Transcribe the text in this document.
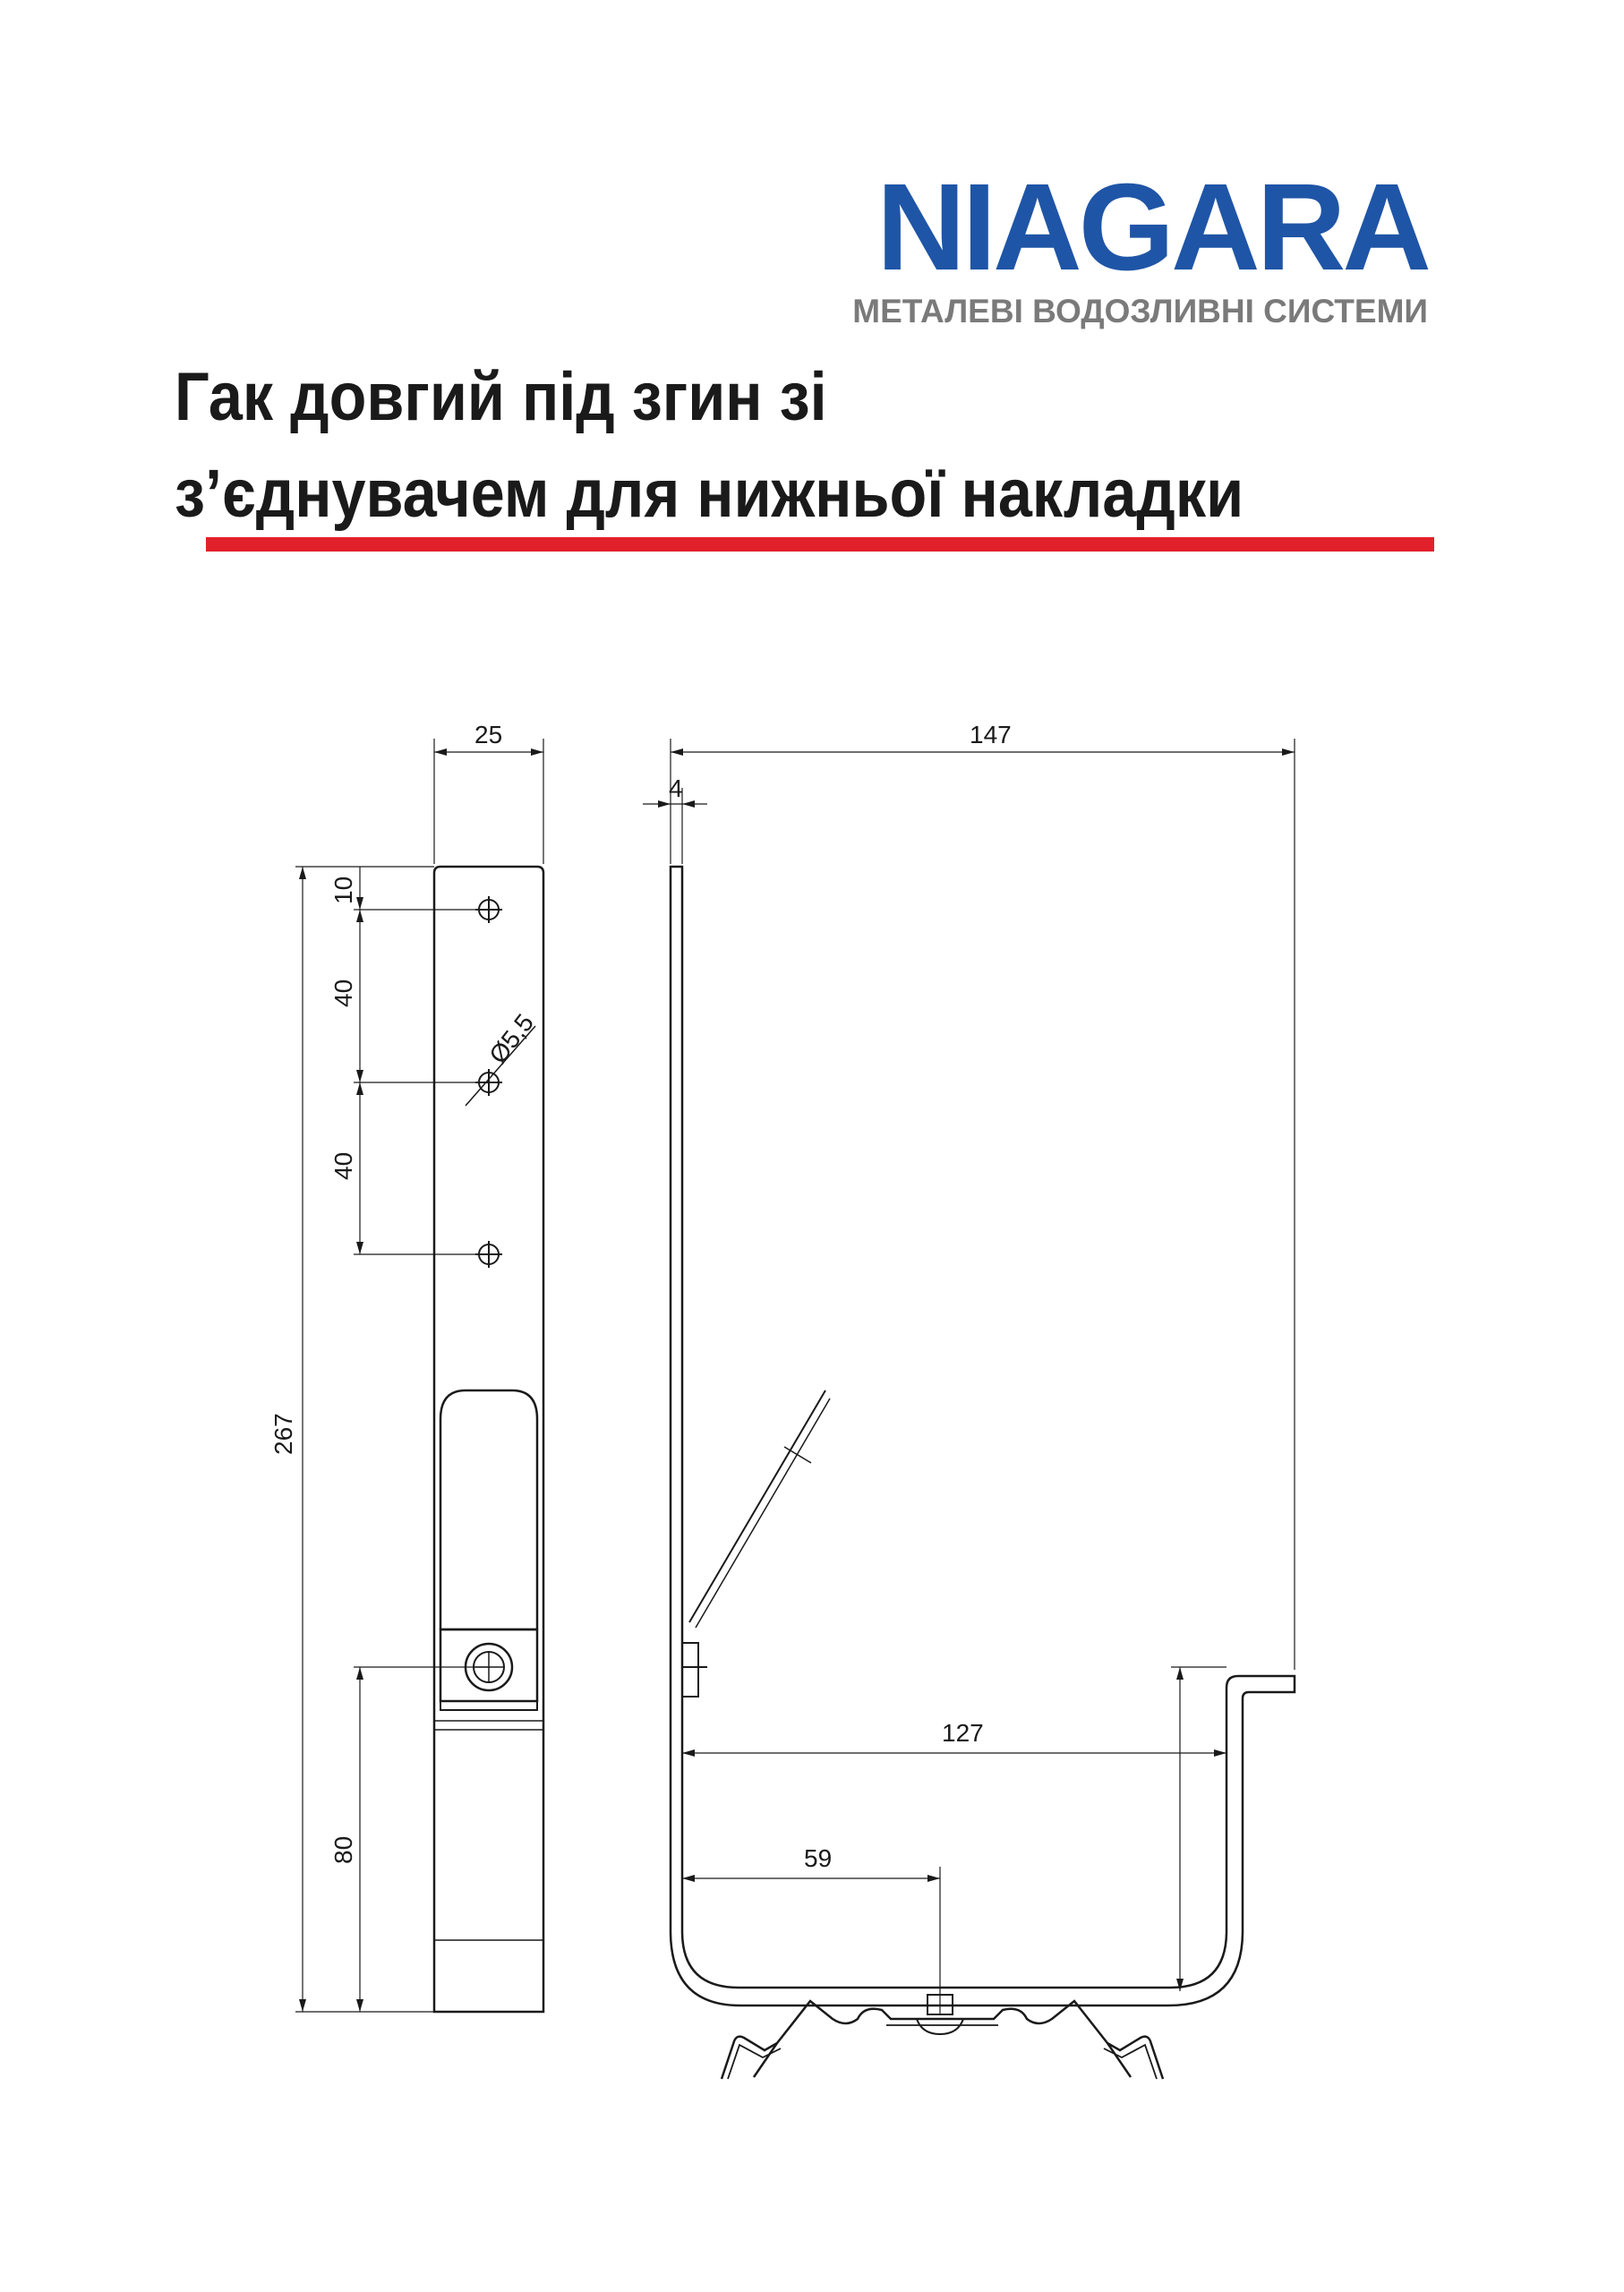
NIAGARA
МЕТАЛЕВІ ВОДОЗЛИВНІ СИСТЕМИ
Гак довгий під згин зі
з’єднувачем для нижньої накладки
25
267
10
40
40
Ø5,5
80
147
4
127
59
